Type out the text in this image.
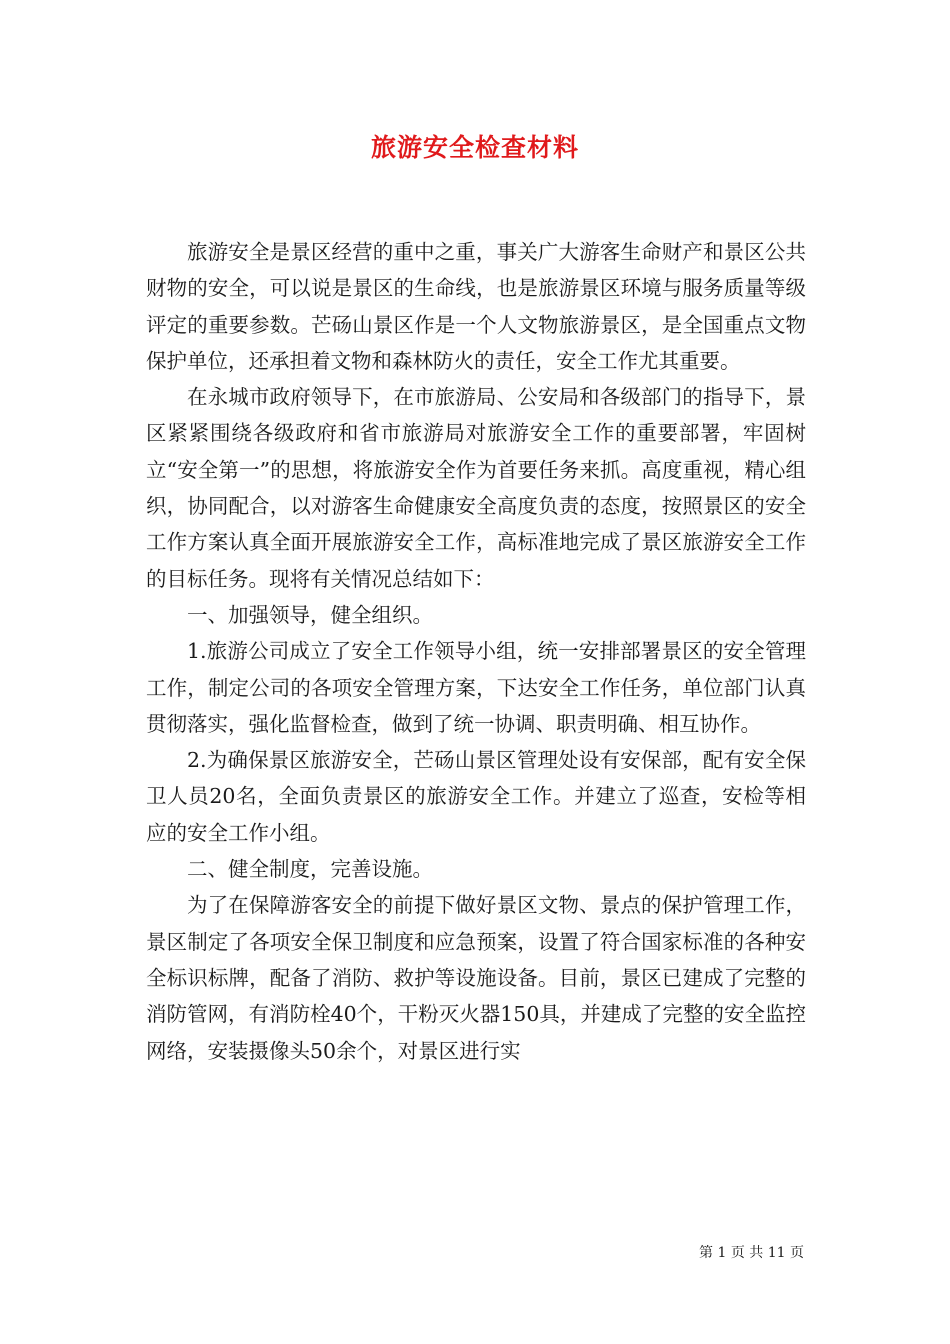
旅游安全检查材料

旅游安全是景区经营的重中之重，事关广大游客生命财产和景区公共财物的安全，可以说是景区的生命线，也是旅游景区环境与服务质量等级评定的重要参数。芒砀山景区作是一个人文物旅游景区，是全国重点文物保护单位，还承担着文物和森林防火的责任，安全工作尤其重要。

在永城市政府领导下，在市旅游局、公安局和各级部门的指导下，景区紧紧围绕各级政府和省市旅游局对旅游安全工作的重要部署，牢固树立“安全第一”的思想，将旅游安全作为首要任务来抓。高度重视，精心组织，协同配合，以对游客生命健康安全高度负责的态度，按照景区的安全工作方案认真全面开展旅游安全工作，高标准地完成了景区旅游安全工作的目标任务。现将有关情况总结如下：

一、加强领导，健全组织。

1.旅游公司成立了安全工作领导小组，统一安排部署景区的安全管理工作，制定公司的各项安全管理方案，下达安全工作任务，单位部门认真贯彻落实，强化监督检查，做到了统一协调、职责明确、相互协作。

2.为确保景区旅游安全，芒砀山景区管理处设有安保部，配有安全保卫人员20名，全面负责景区的旅游安全工作。并建立了巡查，安检等相应的安全工作小组。

二、健全制度，完善设施。

为了在保障游客安全的前提下做好景区文物、景点的保护管理工作，景区制定了各项安全保卫制度和应急预案，设置了符合国家标准的各种安全标识标牌，配备了消防、救护等设施设备。目前，景区已建成了完整的消防管网，有消防栓40个，干粉灭火器150具，并建成了完整的安全监控网络，安装摄像头50余个，对景区进行实

第 1 页 共 11 页
